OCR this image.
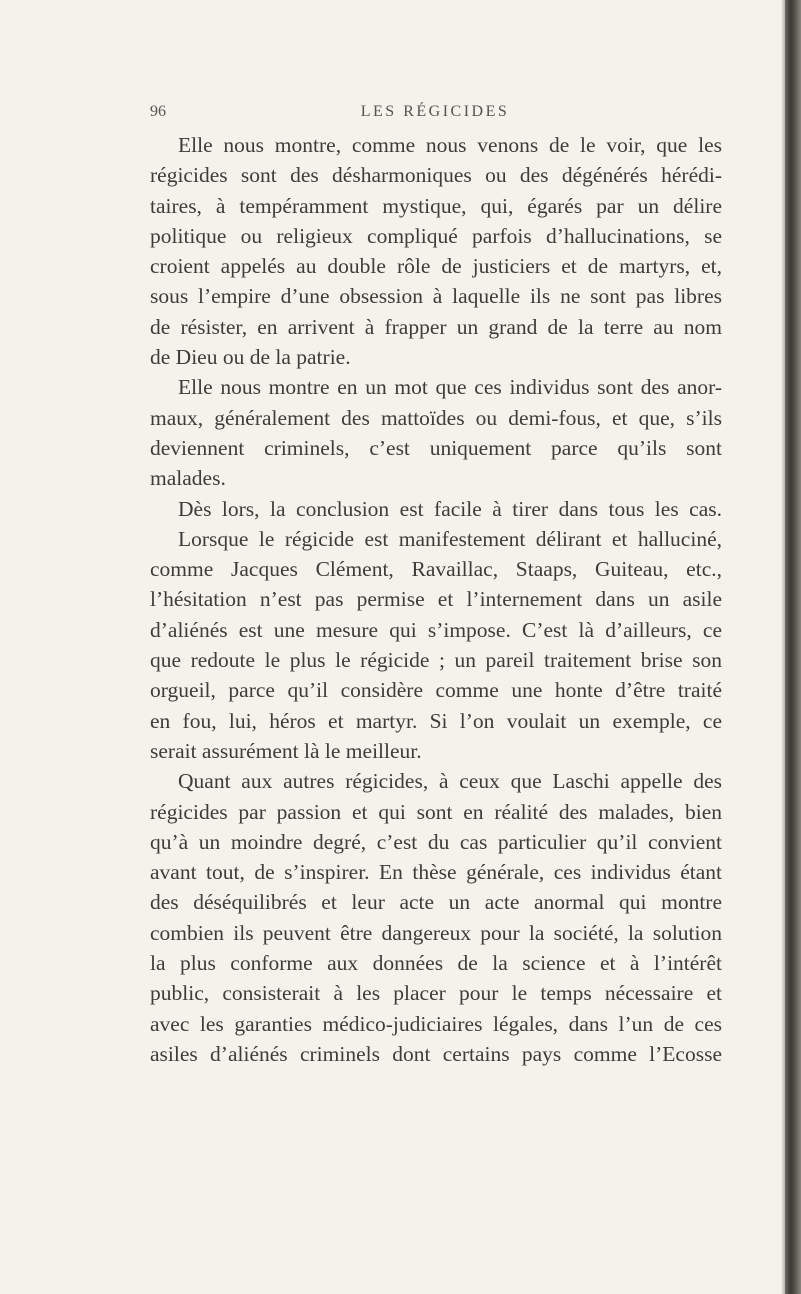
96	LES RÉGICIDES
Elle nous montre, comme nous venons de le voir, que les
régicides sont des désharmoniques ou des dégénérés hérédi-
taires, à tempéramment mystique, qui, égarés par un délire
politique ou religieux compliqué parfois d’hallucinations, se
croient appelés au double rôle de justiciers et de martyrs, et,
sous l’empire d’une obsession à laquelle ils ne sont pas libres
de résister, en arrivent à frapper un grand de la terre au nom
de Dieu ou de la patrie.
Elle nous montre en un mot que ces individus sont des anor-
maux, généralement des mattoïdes ou demi-fous, et que, s’ils
deviennent criminels, c’est uniquement parce qu’ils sont
malades.
Dès lors, la conclusion est facile à tirer dans tous les cas.
Lorsque le régicide est manifestement délirant et halluciné,
comme Jacques Clément, Ravaillac, Staaps, Guiteau, etc.,
l’hésitation n’est pas permise et l’internement dans un asile
d’aliénés est une mesure qui s’impose. C’est là d’ailleurs, ce
que redoute le plus le régicide ; un pareil traitement brise son
orgueil, parce qu’il considère comme une honte d’être traité
en fou, lui, héros et martyr. Si l’on voulait un exemple, ce
serait assurément là le meilleur.
Quant aux autres régicides, à ceux que Laschi appelle des
régicides par passion et qui sont en réalité des malades, bien
qu’à un moindre degré, c’est du cas particulier qu’il convient
avant tout, de s’inspirer. En thèse générale, ces individus étant
des déséquilibrés et leur acte un acte anormal qui montre
combien ils peuvent être dangereux pour la société, la solution
la plus conforme aux données de la science et à l’intérêt
public, consisterait à les placer pour le temps nécessaire et
avec les garanties médico-judiciaires légales, dans l’un de ces
asiles d’aliénés criminels dont certains pays comme l’Ecosse
